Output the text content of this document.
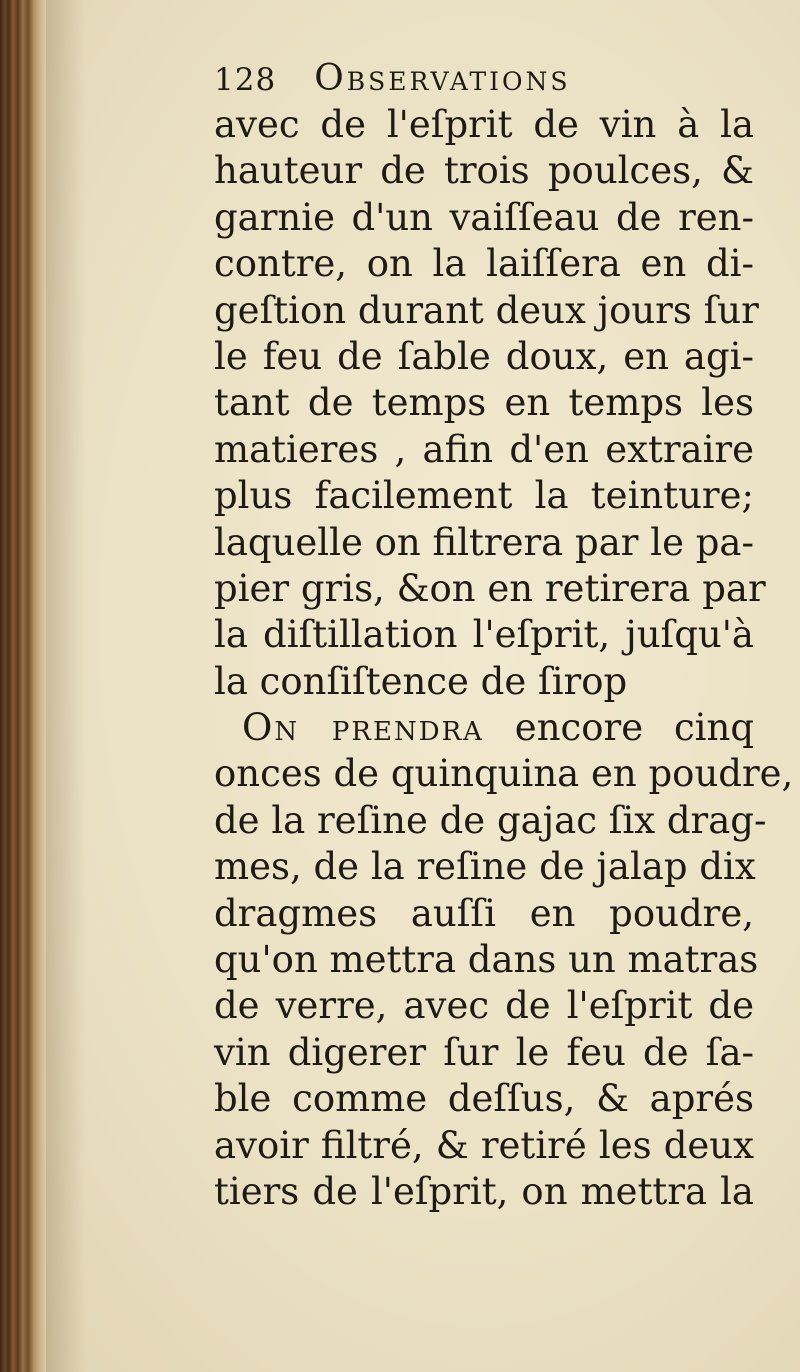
128 Observations
avec de l'eſprit de vin à la
hauteur de trois poulces, &
garnie d'un vaiſſeau de ren-
contre, on la laiſſera en di-
geſtion durant deux jours ſur
le feu de ſable doux, en agi-
tant de temps en temps les
matieres , afin d'en extraire
plus facilement la teinture;
laquelle on filtrera par le pa-
pier gris, &on en retirera par
la diſtillation l'eſprit, juſqu'à
la conſiſtence de ſirop
On prendra encore cinq
onces de quinquina en poudre,
de la reſine de gajac ſix drag-
mes, de la reſine de jalap dix
dragmes auſſi en poudre,
qu'on mettra dans un matras
de verre, avec de l'eſprit de
vin digerer ſur le feu de ſa-
ble comme deſſus, & aprés
avoir filtré, & retiré les deux
tiers de l'eſprit, on mettra la
